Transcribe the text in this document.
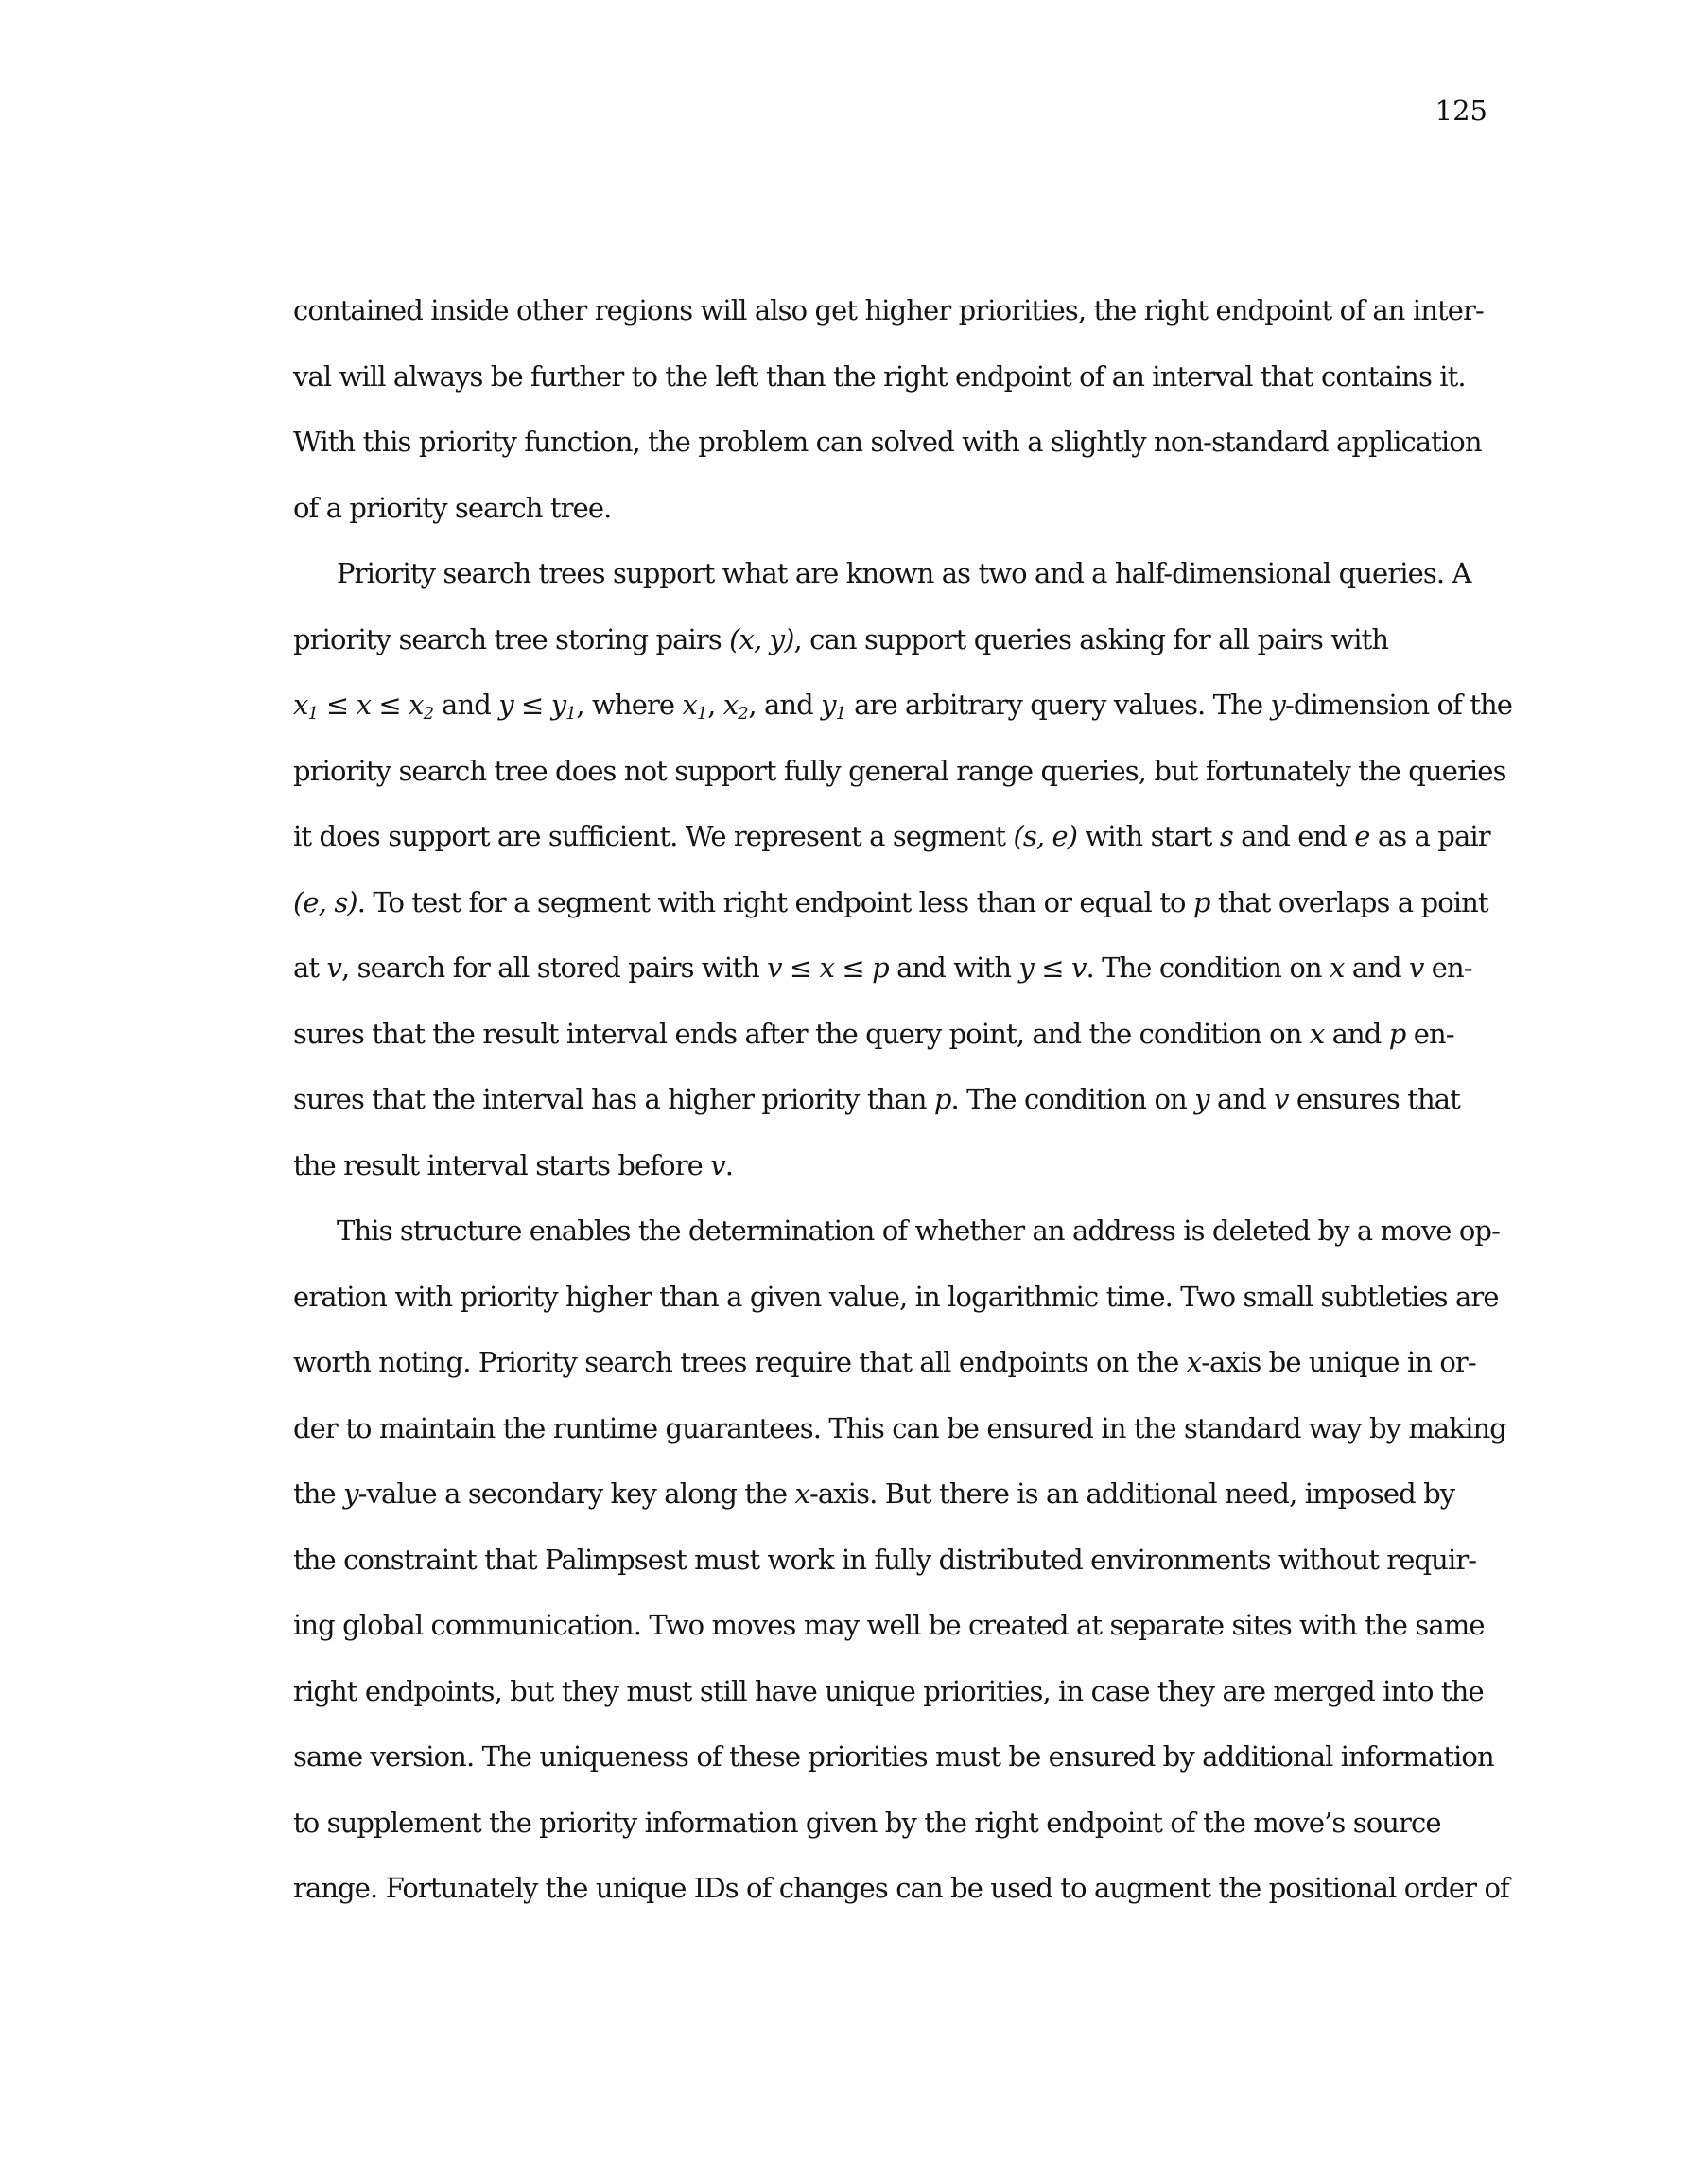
125
contained inside other regions will also get higher priorities, the right endpoint of an inter-
val will always be further to the left than the right endpoint of an interval that contains it.
With this priority function, the problem can solved with a slightly non-standard application
of a priority search tree.
Priority search trees support what are known as two and a half-dimensional queries. A
priority search tree storing pairs (x, y), can support queries asking for all pairs with
$x_1 \le x \le x_2$ and $y \le y_1$, where $x_1$, $x_2$, and $y_1$ are arbitrary query values. The y-dimension of the
priority search tree does not support fully general range queries, but fortunately the queries
it does support are sufficient. We represent a segment (s, e) with start s and end e as a pair
(e, s). To test for a segment with right endpoint less than or equal to p that overlaps a point
at v, search for all stored pairs with v ≤ x ≤ p and with y ≤ v. The condition on x and v en-
sures that the result interval ends after the query point, and the condition on x and p en-
sures that the interval has a higher priority than p. The condition on y and v ensures that
the result interval starts before v.
This structure enables the determination of whether an address is deleted by a move op-
eration with priority higher than a given value, in logarithmic time. Two small subtleties are
worth noting. Priority search trees require that all endpoints on the x-axis be unique in or-
der to maintain the runtime guarantees. This can be ensured in the standard way by making
the y-value a secondary key along the x-axis. But there is an additional need, imposed by
the constraint that Palimpsest must work in fully distributed environments without requir-
ing global communication. Two moves may well be created at separate sites with the same
right endpoints, but they must still have unique priorities, in case they are merged into the
same version. The uniqueness of these priorities must be ensured by additional information
to supplement the priority information given by the right endpoint of the move’s source
range. Fortunately the unique IDs of changes can be used to augment the positional order of
